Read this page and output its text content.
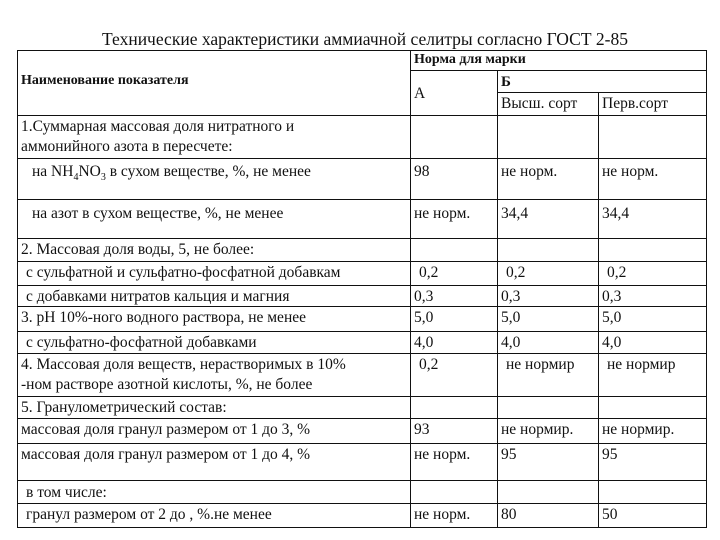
Технические характеристики аммиачной селитры согласно ГОСТ 2-85
Наименование показателя	Норма для марки		
	А	Б	
		Высш. сорт	Перв.сорт

1.Суммарная массовая доля нитратного и
аммонийного азота в пересчете:			

на $NH_4NO_3$ в сухом веществе, %, не менее	98	не норм.	не норм.
на азот в сухом веществе, %, не менее	не норм.	34,4	34,4
2. Массовая доля воды, 5, не более:			
с сульфатной и сульфатно-фосфатной добавкам	0,2	0,2	0,2
с добавками нитратов кальция и магния	0,3	0,3	0,3
3. pH 10%-ного водного раствора, не менее	5,0	5,0	5,0
с сульфатно-фосфатной добавками	4,0	4,0	4,0

4. Массовая доля веществ, нерастворимых в 10%
-ном растворе азотной кислоты, %, не более	0,2	не нормир	не нормир
5. Гранулометрический состав:			
массовая доля гранул размером от 1 до 3, %	93	не нормир.	не нормир.
массовая доля гранул размером от 1 до 4, %	не норм.	95	95
в том числе:			
гранул размером от 2 до , %.не менее	не норм.	80	50
